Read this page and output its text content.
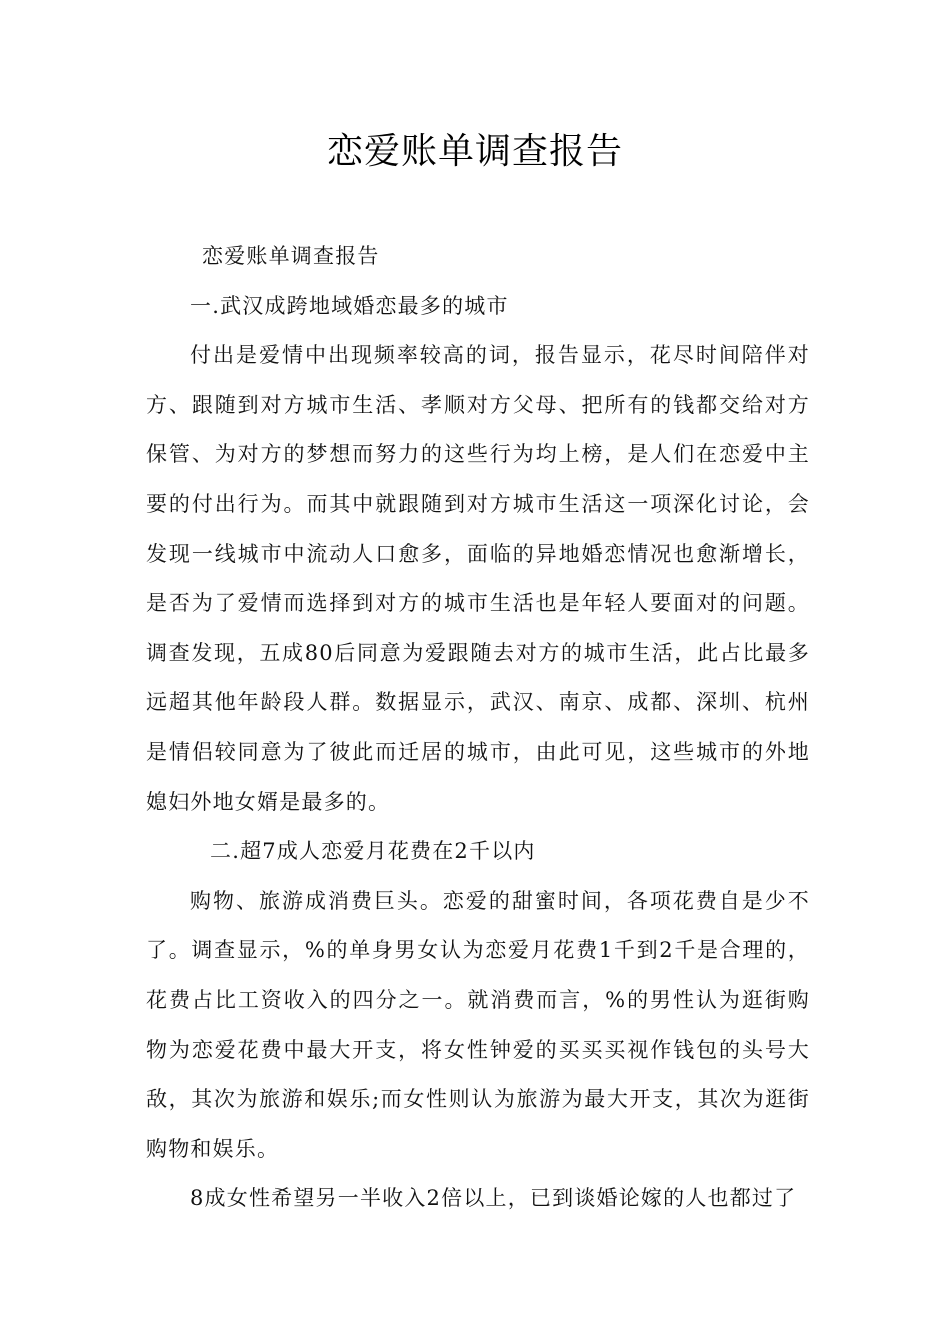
恋爱账单调查报告

恋爱账单调查报告

一.武汉成跨地域婚恋最多的城市

付出是爱情中出现频率较高的词，报告显示，花尽时间陪伴对方、跟随到对方城市生活、孝顺对方父母、把所有的钱都交给对方保管、为对方的梦想而努力的这些行为均上榜，是人们在恋爱中主要的付出行为。而其中就跟随到对方城市生活这一项深化讨论，会发现一线城市中流动人口愈多，面临的异地婚恋情况也愈渐增长，是否为了爱情而选择到对方的城市生活也是年轻人要面对的问题。调查发现，五成80后同意为爱跟随去对方的城市生活，此占比最多远超其他年龄段人群。数据显示，武汉、南京、成都、深圳、杭州是情侣较同意为了彼此而迁居的城市，由此可见，这些城市的外地媳妇外地女婿是最多的。

二.超7成人恋爱月花费在2千以内

购物、旅游成消费巨头。恋爱的甜蜜时间，各项花费自是少不了。调查显示，%的单身男女认为恋爱月花费1千到2千是合理的，花费占比工资收入的四分之一。就消费而言，%的男性认为逛街购物为恋爱花费中最大开支，将女性钟爱的买买买视作钱包的头号大敌，其次为旅游和娱乐;而女性则认为旅游为最大开支，其次为逛街购物和娱乐。

8成女性希望另一半收入2倍以上，已到谈婚论嫁的人也都过了
